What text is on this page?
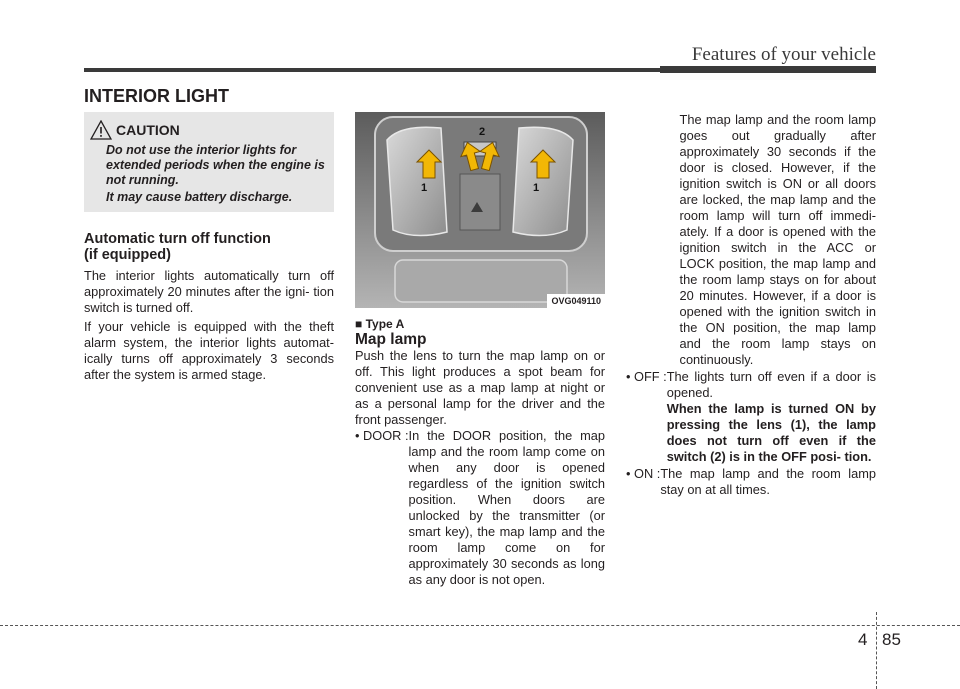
Features of your vehicle
INTERIOR LIGHT
CAUTION

Do not use the interior lights for extended periods when the engine is not running.

It may cause battery discharge.

Automatic turn off function

(if equipped)

The interior lights automatically turn off approximately 20 minutes after the igni- tion switch is turned off.

If your vehicle is equipped with the theft alarm system, the interior lights automat- ically turns off approximately 3 seconds after the system is armed stage.

1
2
1
OVG049110

■ Type A

Map lamp

Push the lens to turn the map lamp on or off. This light produces a spot beam for convenient use as a map lamp at night or as a personal lamp for the driver and the front passenger.

• DOOR : In the DOOR position, the map lamp and the room lamp come on when any door is opened regardless of the ignition switch position. When doors are unlocked by the transmitter (or smart key), the map lamp and the room lamp come on for approximately 30 seconds as long as any door is not open.
The map lamp and the room lamp goes out gradually after approximately 30 seconds if the door is closed. However, if the ignition switch is ON or all doors are locked, the map lamp and the room lamp will turn off immedi- ately. If a door is opened with the ignition switch in the ACC or LOCK position, the map lamp and the room lamp stays on for about 20 minutes. However, if a door is opened with the ignition switch in the ON position, the map lamp and the room lamp stays on continuously.
• OFF : The lights turn off even if a door is opened.
When the lamp is turned ON by pressing the lens (1), the lamp does not turn off even if the switch (2) is in the OFF posi- tion.
• ON : The map lamp and the room lamp stay on at all times.
4 85
